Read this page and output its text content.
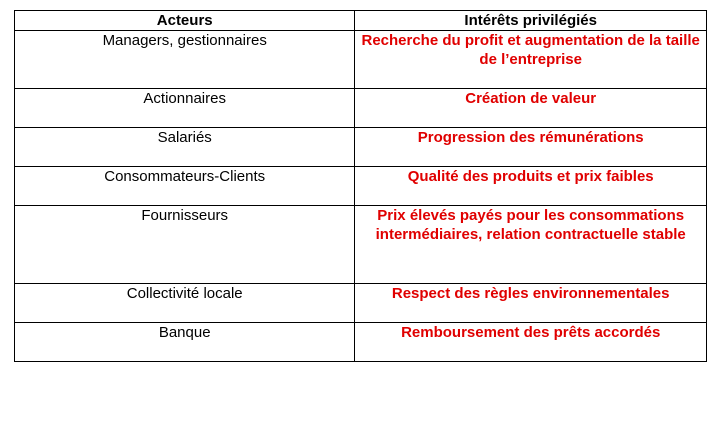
Acteurs	Intérêts privilégiés
Managers, gestionnaires	Recherche du profit et augmentation de la taille de l’entreprise
Actionnaires	Création de valeur
Salariés	Progression des rémunérations
Consommateurs-Clients	Qualité des produits et prix faibles
Fournisseurs	Prix élevés payés pour les consommations intermédiaires, relation contractuelle stable
Collectivité locale	Respect des règles environnementales
Banque	Remboursement des prêts accordés
